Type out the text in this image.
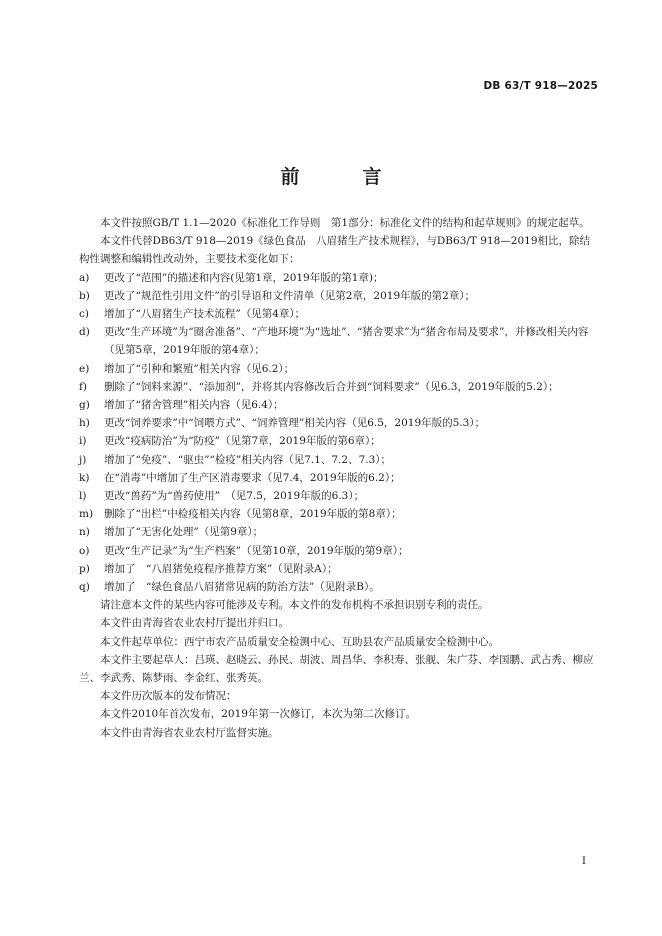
DB 63/T 918—2025
前　言

本文件按照GB/T 1.1—2020《标准化工作导则　第1部分：标准化文件的结构和起草规则》的规定起草。

本文件代替DB63/T 918—2019《绿色食品　八眉猪生产技术规程》，与DB63/T 918—2019相比，除结构性调整和编辑性改动外，主要技术变化如下：

a)	更改了“范围”的描述和内容(见第1章，2019年版的第1章)；
b)	更改了“规范性引用文件”的引导语和文件清单（见第2章，2019年版的第2章）；
c)	增加了“八眉猪生产技术流程”（见第4章）；
d)	更改“生产环境”为“圈舍准备”、“产地环境”为“选址”、“猪舍要求”为“猪舍布局及要求”，并修改相关内容（见第5章，2019年版的第4章）；
e)	增加了“引种和繁殖”相关内容（见6.2）；
f)	删除了“饲料来源”、“添加剂”，并将其内容修改后合并到“饲料要求”（见6.3，2019年版的5.2）；
g)	增加了“猪舍管理”相关内容（见6.4）；
h)	更改“饲养要求”中“饲喂方式”、“饲养管理”相关内容（见6.5，2019年版的5.3）；
i)	更改“疫病防治”为“防疫”（见第7章，2019年版的第6章）；
j)	增加了“免疫”、“驱虫”“检疫”相关内容（见7.1、7.2、7.3）；
k)	在“消毒”中增加了生产区消毒要求（见7.4，2019年版的6.2）；
l)	更改“兽药”为“兽药使用”　（见7.5，2019年版的6.3）；
m)	删除了“出栏”中检疫相关内容（见第8章，2019年版的第8章）；
n)	增加了“无害化处理”（见第9章）；
o)	更改“生产记录”为“生产档案”（见第10章，2019年版的第9章）；
p)	增加了　“八眉猪免疫程序推荐方案”（见附录A）；
q)	增加了　“绿色食品八眉猪常见病的防治方法”（见附录B）。

请注意本文件的某些内容可能涉及专利。本文件的发布机构不承担识别专利的责任。

本文件由青海省农业农村厅提出并归口。

本文件起草单位：西宁市农产品质量安全检测中心、互助县农产品质量安全检测中心。

本文件主要起草人：吕瑛、赵晓云、孙民、胡波、周昌华、李积寿、张舰、朱广芬、李国鹏、武占秀、柳应兰、李武秀、陈梦雨、李金红、张秀英。

本文件历次版本的发布情况：

本文件2010年首次发布，2019年第一次修订，本次为第二次修订。

本文件由青海省农业农村厅监督实施。

I
